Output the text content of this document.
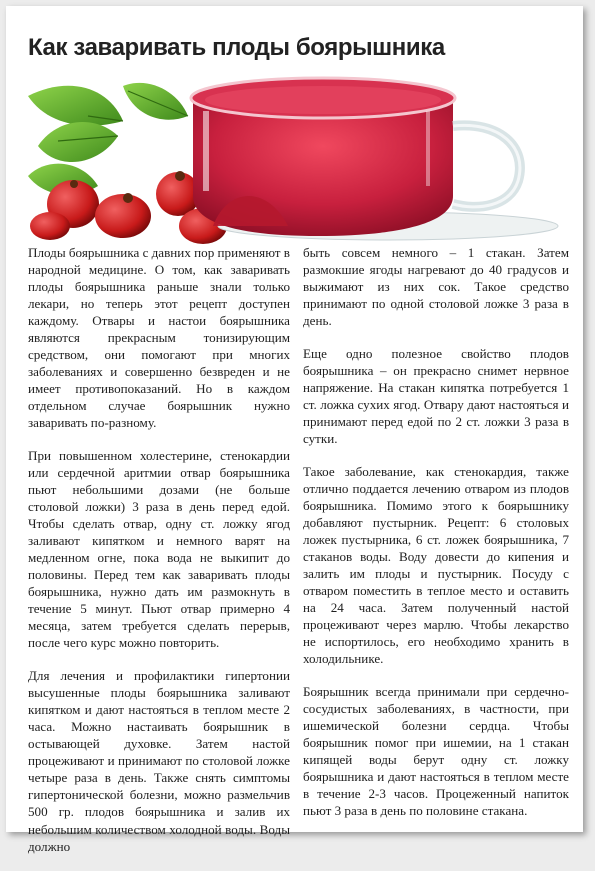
Как заваривать плоды боярышника

Плоды боярышника с давних пор применяют в народной медицине. О том, как заваривать плоды боярышника раньше знали только лекари, но теперь этот рецепт доступен каждому. Отвары и настои боярышника являются прекрасным тонизирующим средством, они помогают при многих заболеваниях и совершенно безвреден и не имеет противопоказаний. Но в каждом отдельном случае боярышник нужно заваривать по-разному.

При повышенном холестерине, стенокардии или сердечной аритмии отвар боярышника пьют небольшими дозами (не больше столовой ложки) 3 раза в день перед едой. Чтобы сделать отвар, одну ст. ложку ягод заливают кипятком и немного варят на медленном огне, пока вода не выкипит до половины. Перед тем как заваривать плоды боярышника, нужно дать им размокнуть в течение 5 минут. Пьют отвар примерно 4 месяца, затем требуется сделать перерыв, после чего курс можно повторить.

Для лечения и профилактики гипертонии высушенные плоды боярышника заливают кипятком и дают настояться в теплом месте 2 часа. Можно настаивать боярышник в остывающей духовке. Затем настой процеживают и принимают по столовой ложке четыре раза в день. Также снять симптомы гипертонической болезни, можно размельчив 500 гр. плодов боярышника и залив их небольшим количеством холодной воды. Воды должно

быть совсем немного – 1 стакан. Затем размокшие ягоды нагревают до 40 градусов и выжимают из них сок. Такое средство принимают по одной столовой ложке 3 раза в день.

Еще одно полезное свойство плодов боярышника – он прекрасно снимет нервное напряжение. На стакан кипятка потребуется 1 ст. ложка сухих ягод. Отвару дают настояться и принимают перед едой по 2 ст. ложки 3 раза в сутки.

Такое заболевание, как стенокардия, также отлично поддается лечению отваром из плодов боярышника. Помимо этого к боярышнику добавляют пустырник. Рецепт: 6 столовых ложек пустырника, 6 ст. ложек боярышника, 7 стаканов воды. Воду довести до кипения и залить им плоды и пустырник. Посуду с отваром поместить в теплое место и оставить на 24 часа. Затем полученный настой процеживают через марлю. Чтобы лекарство не испортилось, его необходимо хранить в холодильнике.

Боярышник всегда принимали при сердечно-сосудистых заболеваниях, в частности, при ишемической болезни сердца. Чтобы боярышник помог при ишемии, на 1 стакан кипящей воды берут одну ст. ложку боярышника и дают настояться в теплом месте в течение 2-3 часов. Процеженный напиток пьют 3 раза в день по половине стакана.
